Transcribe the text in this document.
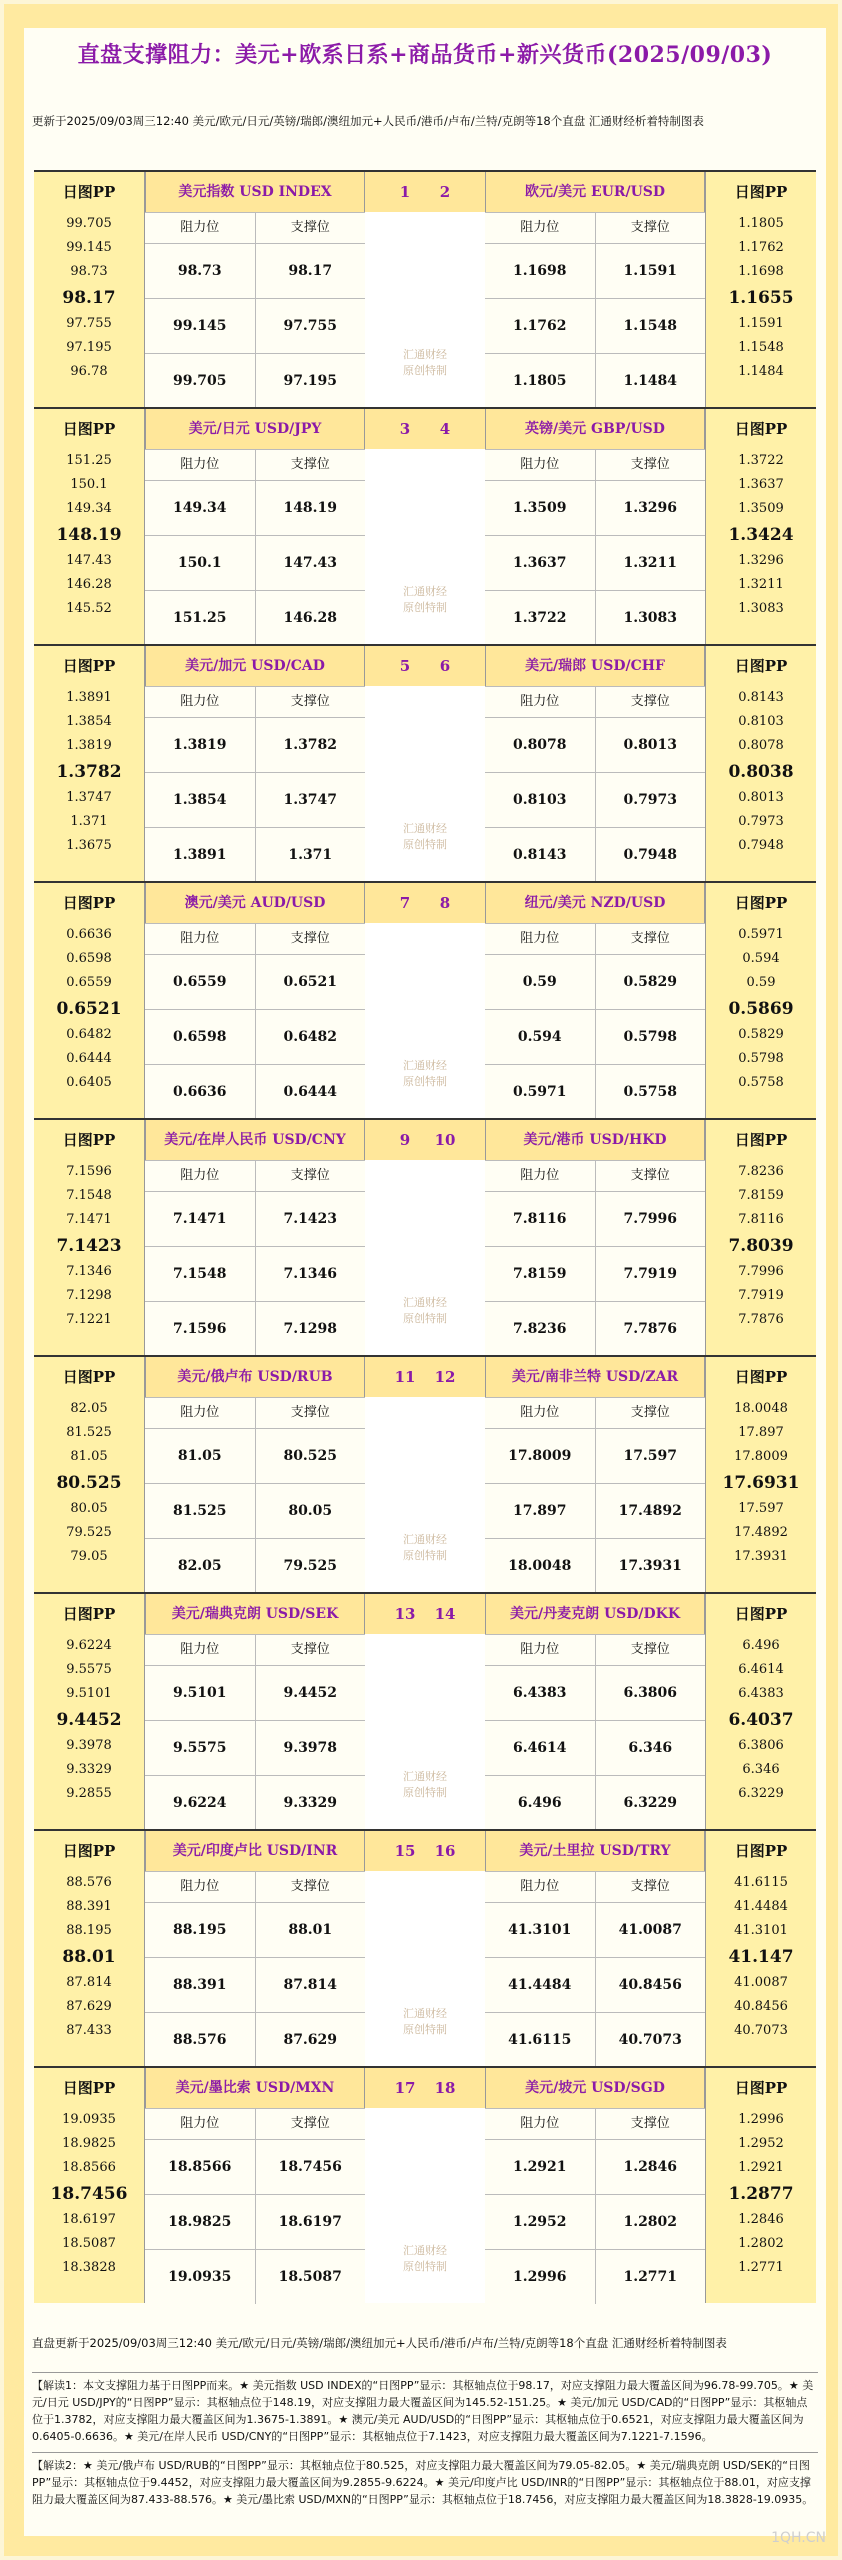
直盘支撑阻力：美元+欧系日系+商品货币+新兴货币(2025/09/03)
更新于2025/09/03周三12:40 美元/欧元/日元/英镑/瑞郎/澳纽加元+人民币/港币/卢布/兰特/克朗等18个直盘 汇通财经析着特制图表
日图PP
99.705
99.145
98.73
98.17
97.755
97.195
96.78
美元指数 USD INDEX
阻力位	支撑位
98.73	98.17
99.145	97.755
99.705	97.195
1 2
汇通财经
原创特制
欧元/美元 EUR/USD
阻力位	支撑位
1.1698	1.1591
1.1762	1.1548
1.1805	1.1484
日图PP
1.1805
1.1762
1.1698
1.1655
1.1591
1.1548
1.1484
日图PP
151.25
150.1
149.34
148.19
147.43
146.28
145.52
美元/日元 USD/JPY
阻力位	支撑位
149.34	148.19
150.1	147.43
151.25	146.28
3 4
汇通财经
原创特制
英镑/美元 GBP/USD
阻力位	支撑位
1.3509	1.3296
1.3637	1.3211
1.3722	1.3083
日图PP
1.3722
1.3637
1.3509
1.3424
1.3296
1.3211
1.3083
日图PP
1.3891
1.3854
1.3819
1.3782
1.3747
1.371
1.3675
美元/加元 USD/CAD
阻力位	支撑位
1.3819	1.3782
1.3854	1.3747
1.3891	1.371
5 6
汇通财经
原创特制
美元/瑞郎 USD/CHF
阻力位	支撑位
0.8078	0.8013
0.8103	0.7973
0.8143	0.7948
日图PP
0.8143
0.8103
0.8078
0.8038
0.8013
0.7973
0.7948
日图PP
0.6636
0.6598
0.6559
0.6521
0.6482
0.6444
0.6405
澳元/美元 AUD/USD
阻力位	支撑位
0.6559	0.6521
0.6598	0.6482
0.6636	0.6444
7 8
汇通财经
原创特制
纽元/美元 NZD/USD
阻力位	支撑位
0.59	0.5829
0.594	0.5798
0.5971	0.5758
日图PP
0.5971
0.594
0.59
0.5869
0.5829
0.5798
0.5758
日图PP
7.1596
7.1548
7.1471
7.1423
7.1346
7.1298
7.1221
美元/在岸人民币 USD/CNY
阻力位	支撑位
7.1471	7.1423
7.1548	7.1346
7.1596	7.1298
9 10
汇通财经
原创特制
美元/港币 USD/HKD
阻力位	支撑位
7.8116	7.7996
7.8159	7.7919
7.8236	7.7876
日图PP
7.8236
7.8159
7.8116
7.8039
7.7996
7.7919
7.7876
日图PP
82.05
81.525
81.05
80.525
80.05
79.525
79.05
美元/俄卢布 USD/RUB
阻力位	支撑位
81.05	80.525
81.525	80.05
82.05	79.525
11 12
汇通财经
原创特制
美元/南非兰特 USD/ZAR
阻力位	支撑位
17.8009	17.597
17.897	17.4892
18.0048	17.3931
日图PP
18.0048
17.897
17.8009
17.6931
17.597
17.4892
17.3931
日图PP
9.6224
9.5575
9.5101
9.4452
9.3978
9.3329
9.2855
美元/瑞典克朗 USD/SEK
阻力位	支撑位
9.5101	9.4452
9.5575	9.3978
9.6224	9.3329
13 14
汇通财经
原创特制
美元/丹麦克朗 USD/DKK
阻力位	支撑位
6.4383	6.3806
6.4614	6.346
6.496	6.3229
日图PP
6.496
6.4614
6.4383
6.4037
6.3806
6.346
6.3229
日图PP
88.576
88.391
88.195
88.01
87.814
87.629
87.433
美元/印度卢比 USD/INR
阻力位	支撑位
88.195	88.01
88.391	87.814
88.576	87.629
15 16
汇通财经
原创特制
美元/土里拉 USD/TRY
阻力位	支撑位
41.3101	41.0087
41.4484	40.8456
41.6115	40.7073
日图PP
41.6115
41.4484
41.3101
41.147
41.0087
40.8456
40.7073
日图PP
19.0935
18.9825
18.8566
18.7456
18.6197
18.5087
18.3828
美元/墨比索 USD/MXN
阻力位	支撑位
18.8566	18.7456
18.9825	18.6197
19.0935	18.5087
17 18
汇通财经
原创特制
美元/坡元 USD/SGD
阻力位	支撑位
1.2921	1.2846
1.2952	1.2802
1.2996	1.2771
日图PP
1.2996
1.2952
1.2921
1.2877
1.2846
1.2802
1.2771
直盘更新于2025/09/03周三12:40 美元/欧元/日元/英镑/瑞郎/澳纽加元+人民币/港币/卢布/兰特/克朗等18个直盘 汇通财经析着特制图表
【解读1：本文支撑阻力基于日图PP而来。★ 美元指数 USD INDEX的“日图PP”显示：其枢轴点位于98.17，对应支撑阻力最大覆盖区间为96.78-99.705。★ 美元/日元 USD/JPY的“日图PP”显示：其枢轴点位于148.19，对应支撑阻力最大覆盖区间为145.52-151.25。★ 美元/加元 USD/CAD的“日图PP”显示：其枢轴点位于1.3782，对应支撑阻力最大覆盖区间为1.3675-1.3891。★ 澳元/美元 AUD/USD的“日图PP”显示：其枢轴点位于0.6521，对应支撑阻力最大覆盖区间为0.6405-0.6636。★ 美元/在岸人民币 USD/CNY的“日图PP”显示：其枢轴点位于7.1423，对应支撑阻力最大覆盖区间为7.1221-7.1596。
【解读2：★ 美元/俄卢布 USD/RUB的“日图PP”显示：其枢轴点位于80.525，对应支撑阻力最大覆盖区间为79.05-82.05。★ 美元/瑞典克朗 USD/SEK的“日图PP”显示：其枢轴点位于9.4452，对应支撑阻力最大覆盖区间为9.2855-9.6224。★ 美元/印度卢比 USD/INR的“日图PP”显示：其枢轴点位于88.01，对应支撑阻力最大覆盖区间为87.433-88.576。★ 美元/墨比索 USD/MXN的“日图PP”显示：其枢轴点位于18.7456，对应支撑阻力最大覆盖区间为18.3828-19.0935。
1QH.CN
